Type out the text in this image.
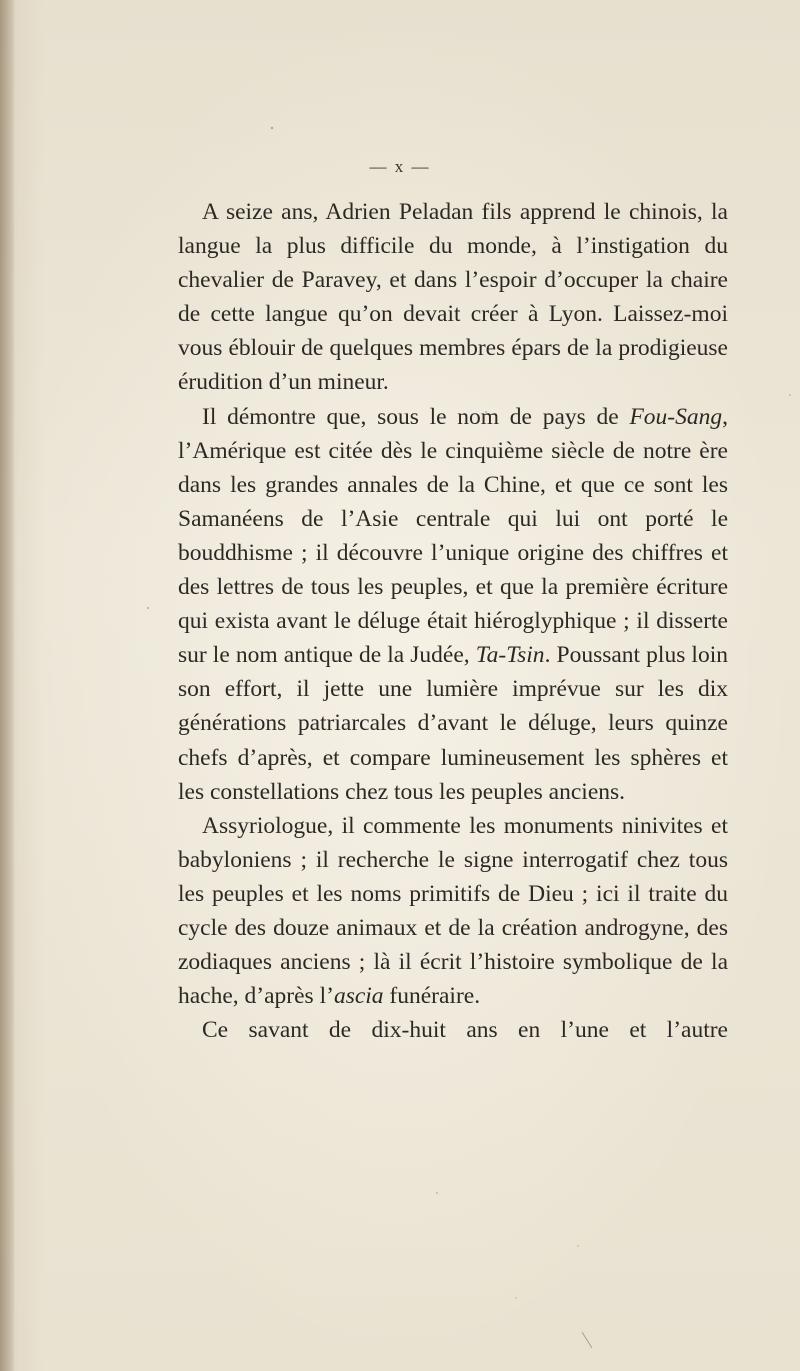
— x —

A seize ans, Adrien Peladan fils apprend le chinois, la langue la plus difficile du monde, à l’instigation du chevalier de Paravey, et dans l’espoir d’occuper la chaire de cette langue qu’on devait créer à Lyon. Laissez-moi vous éblouir de quelques membres épars de la prodigieuse érudition d’un mineur.

Il démontre que, sous le nom de pays de Fou-Sang, l’Amérique est citée dès le cinquième siècle de notre ère dans les grandes annales de la Chine, et que ce sont les Samanéens de l’Asie centrale qui lui ont porté le bouddhisme ; il découvre l’unique origine des chiffres et des lettres de tous les peuples, et que la première écriture qui exista avant le déluge était hiéroglyphique ; il disserte sur le nom antique de la Judée, Ta-Tsin. Poussant plus loin son effort, il jette une lumière imprévue sur les dix générations patriarcales d’avant le déluge, leurs quinze chefs d’après, et compare lumineusement les sphères et les constellations chez tous les peuples anciens.

Assyriologue, il commente les monuments ninivites et babyloniens ; il recherche le signe interrogatif chez tous les peuples et les noms primitifs de Dieu ; ici il traite du cycle des douze animaux et de la création androgyne, des zodiaques anciens ; là il écrit l’histoire symbolique de la hache, d’après l’ascia funéraire.

Ce savant de dix-huit ans en l’une et l’autre
